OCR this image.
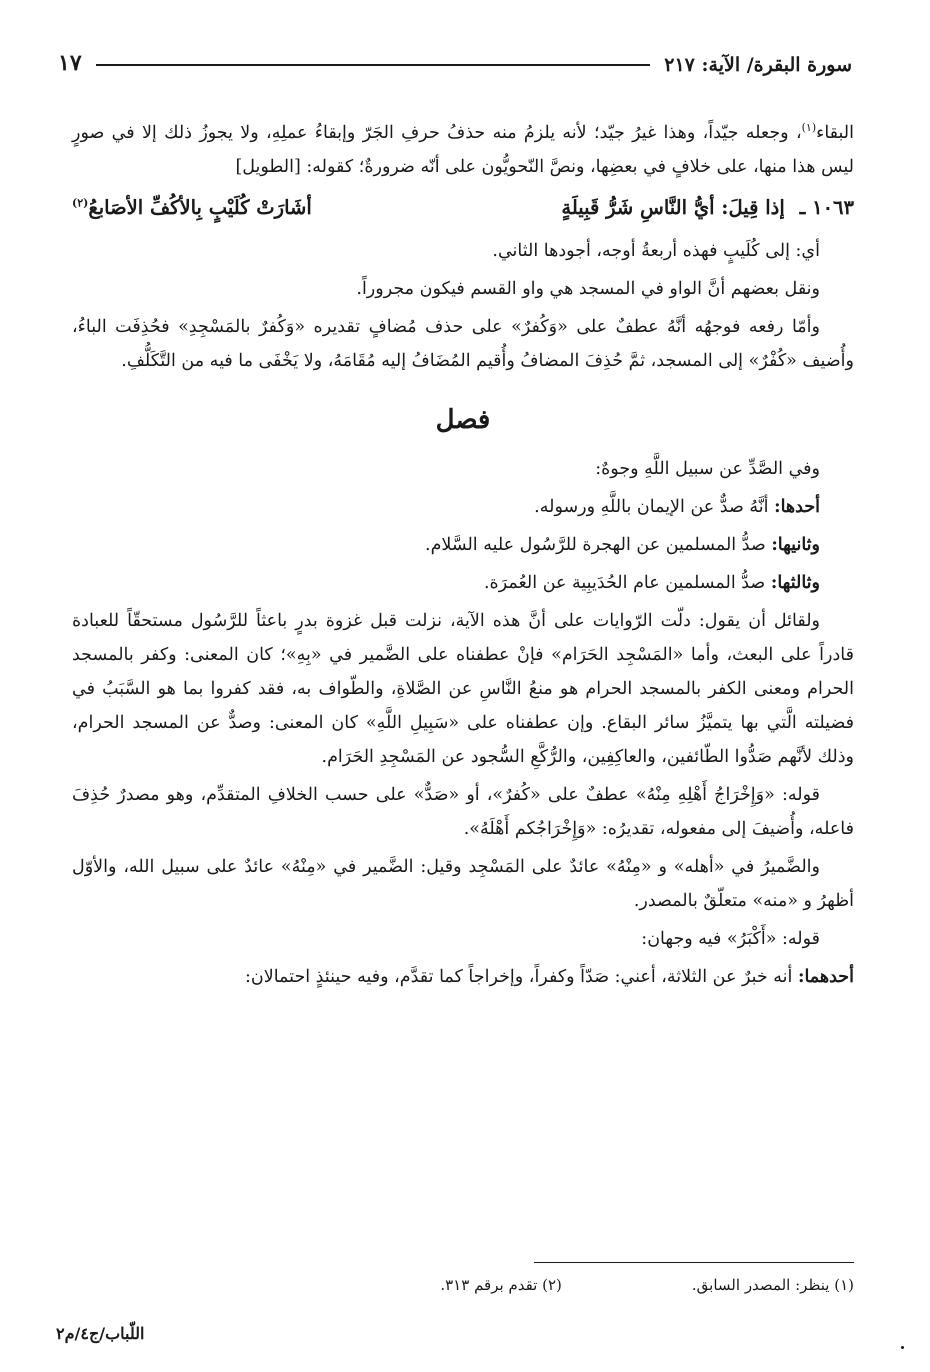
سورة البقرة/ الآية: ٢١٧
١٧

البقاء$^{(١)}$، وجعله جيّداً، وهذا غيرُ جيّد؛ لأنه يلزمُ منه حذفُ حرفِ الجَرّ وإبقاءُ عملِهِ، ولا يجوزُ ذلك إلا في صورٍ ليس هذا منها، على خلافٍ في بعضِها، ونصَّ النّحويُّون على أنّه ضرورةٌ؛ كقوله: [الطويل]

١٠٦٣ ـ إذا قِيلَ: أيُّ النَّاسِ شَرُّ قَبِيلَةٍ
أشَارَتْ كُلَيْبٍ بِالأكُفِّ الأصَابعُ$^{(٢)}$

أي: إلى كُلَيبٍ فهذه أربعةُ أوجه، أجودها الثاني.

ونقل بعضهم أنَّ الواو في المسجد هي واو القسم فيكون مجروراً.

وأمّا رفعه فوجهُه أنَّهُ عطفٌ على «وَكُفرٌ» على حذف مُضافٍ تقديره «وَكُفرٌ بالمَسْجِدِ» فحُذِفَت الباءُ، وأُضيف «كُفْرٌ» إلى المسجد، ثمَّ حُذِفَ المضافُ وأُقيم المُضَافُ إليه مُقَامَهُ، ولا يَخْفَى ما فيه من التَّكَلُّفِ.

فصل

وفي الصَّدِّ عن سبيل اللَّهِ وجوهٌ:

أحدها: أنَّهُ صدٌّ عن الإيمان باللَّهِ ورسوله.

وثانيها: صدُّ المسلمين عن الهجرة للرَّسُول عليه السَّلام.

وثالثها: صدُّ المسلمين عام الحُدَيبِية عن العُمرَة.

ولقائل أن يقول: دلّت الرّوايات على أنَّ هذه الآية، نزلت قبل غزوة بدرٍ باعثاً للرَّسُول مستحقّاً للعبادة قادراً على البعث، وأما «المَسْجِد الحَرَام» فإنْ عطفناه على الضَّمير في «بِهِ»؛ كان المعنى: وكفر بالمسجد الحرام ومعنى الكفر بالمسجد الحرام هو منعُ النَّاسِ عن الصَّلاةِ، والطّواف به، فقد كفروا بما هو السَّبَبُ في فضيلته الَّتي بها يتميَّزُ سائر البقاع. وإن عطفناه على «سَبِيلِ اللَّهِ» كان المعنى: وصدٌّ عن المسجد الحرام، وذلك لأنَّهم صَدُّوا الطّائفين، والعاكِفِين، والرُّكَّعِ السُّجود عن المَسْجِدِ الحَرَام.

قوله: «وَإِخْرَاجُ أَهْلِهِ مِنْهُ» عطفٌ على «كُفرٌ»، أو «صَدٌّ» على حسب الخلافِ المتقدِّم، وهو مصدرٌ حُذِفَ فاعله، وأُضيفَ إلى مفعوله، تقديرُه: «وَإِخْرَاجُكم أَهْلَهُ».

والضَّميرُ في «أهله» و «مِنْهُ» عائدٌ على المَسْجِد وقيل: الضَّمير في «مِنْهُ» عائدٌ على سبيل الله، والأوّل أظهرُ و «منه» متعلّقٌ بالمصدر.

قوله: «أَكْبَرُ» فيه وجهان:

أحدهما: أنه خبرٌ عن الثلاثة، أعني: صَدّاً وكفراً، وإخراجاً كما تقدَّم، وفيه حينئذٍ احتمالان:

(١) ينظر: المصدر السابق.
(٢) تقدم برقم ٣١٣.
اللّباب/ج٤/م٢
